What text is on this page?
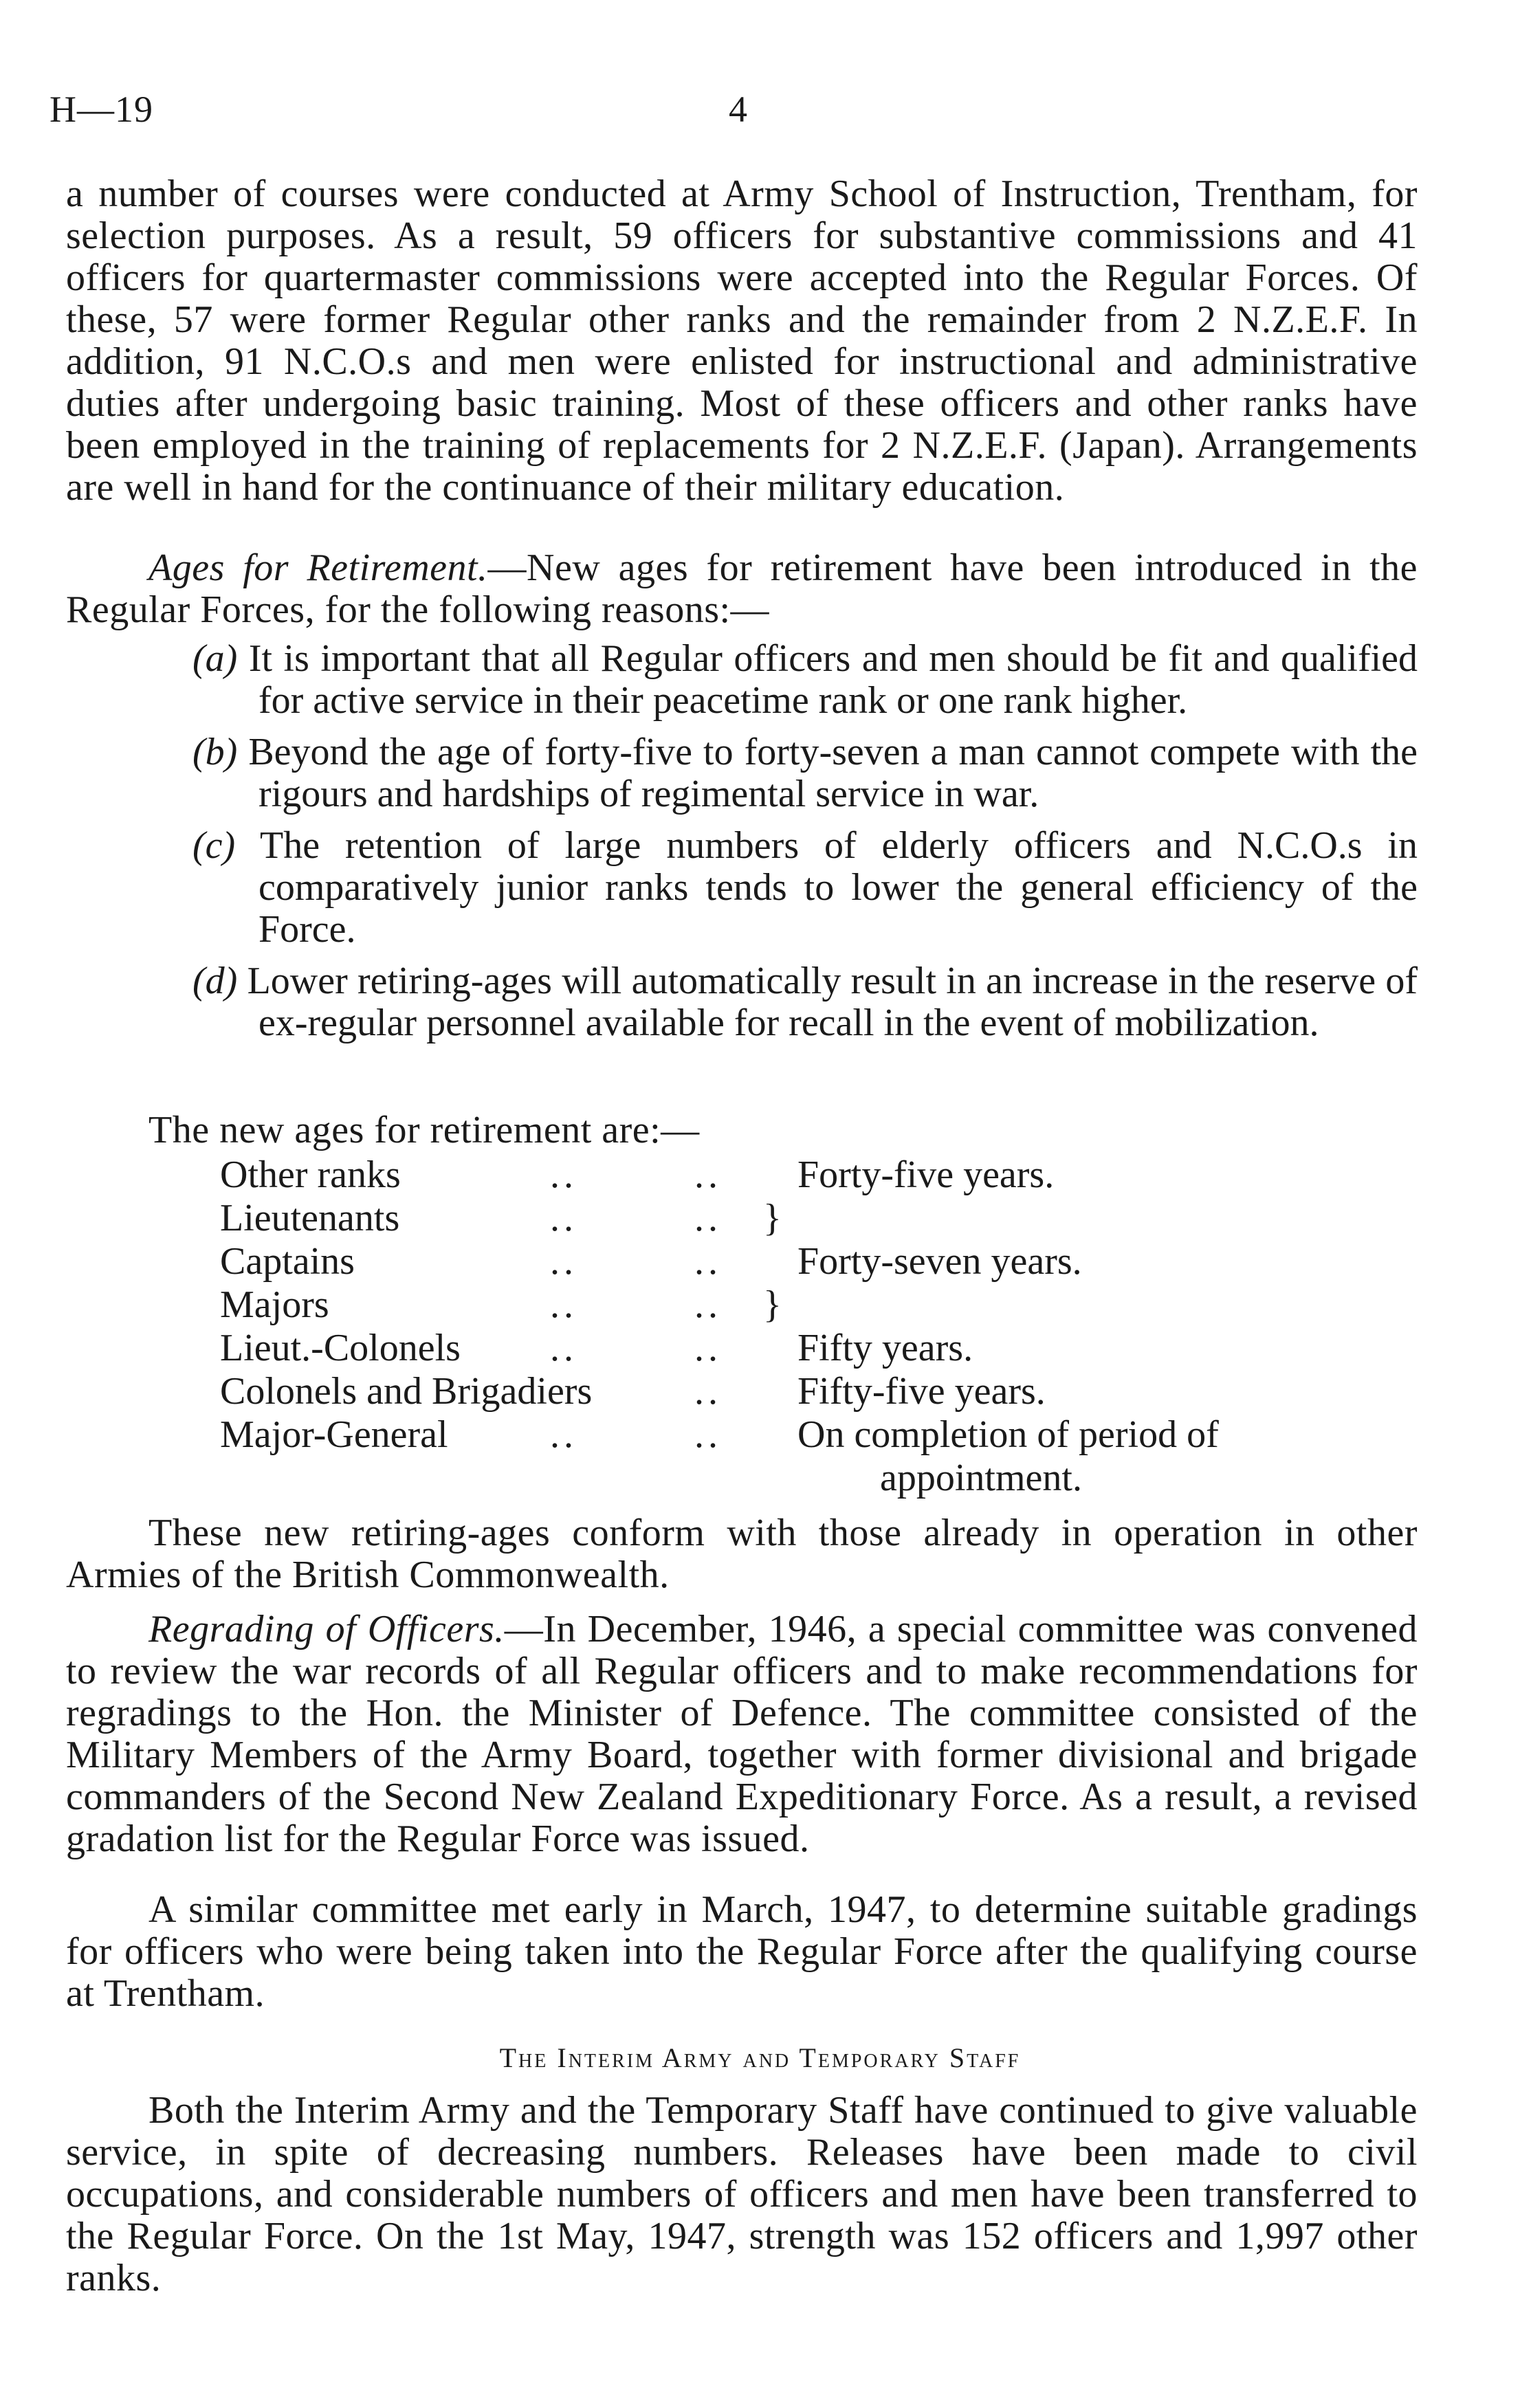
H—19	4

a number of courses were conducted at Army School of Instruction, Trentham, for selection purposes. As a result, 59 officers for substantive commissions and 41 officers for quartermaster commissions were accepted into the Regular Forces. Of these, 57 were former Regular other ranks and the remainder from 2 N.Z.E.F. In addition, 91 N.C.O.s and men were enlisted for instructional and administrative duties after undergoing basic training. Most of these officers and other ranks have been employed in the training of replacements for 2 N.Z.E.F. (Japan). Arrangements are well in hand for the continuance of their military education.

Ages for Retirement.—New ages for retirement have been introduced in the Regular Forces, for the following reasons:—

(a) It is important that all Regular officers and men should be fit and qualified for active service in their peacetime rank or one rank higher.

(b) Beyond the age of forty-five to forty-seven a man cannot compete with the rigours and hardships of regimental service in war.

(c) The retention of large numbers of elderly officers and N.C.O.s in comparatively junior ranks tends to lower the general efficiency of the Force.

(d) Lower retiring-ages will automatically result in an increase in the reserve of ex-regular personnel available for recall in the event of mobilization.

The new ages for retirement are:—

Other ranks	..	.. Forty-five years.
Lieutenants	..	.. }
Captains	..	.. Forty-seven years.
Majors	..	.. }
Lieut.-Colonels ..	.. Fifty years.
Colonels and Brigadiers	.. Fifty-five years.
Major-General	..	.. On completion of period of
appointment.

These new retiring-ages conform with those already in operation in other Armies of the British Commonwealth.

Regrading of Officers.—In December, 1946, a special committee was convened to review the war records of all Regular officers and to make recommendations for regradings to the Hon. the Minister of Defence. The committee consisted of the Military Members of the Army Board, together with former divisional and brigade commanders of the Second New Zealand Expeditionary Force. As a result, a revised gradation list for the Regular Force was issued.

A similar committee met early in March, 1947, to determine suitable gradings for officers who were being taken into the Regular Force after the qualifying course at Trentham.

The Interim Army and Temporary Staff

Both the Interim Army and the Temporary Staff have continued to give valuable service, in spite of decreasing numbers. Releases have been made to civil occupations, and considerable numbers of officers and men have been transferred to the Regular Force. On the 1st May, 1947, strength was 152 officers and 1,997 other ranks.
